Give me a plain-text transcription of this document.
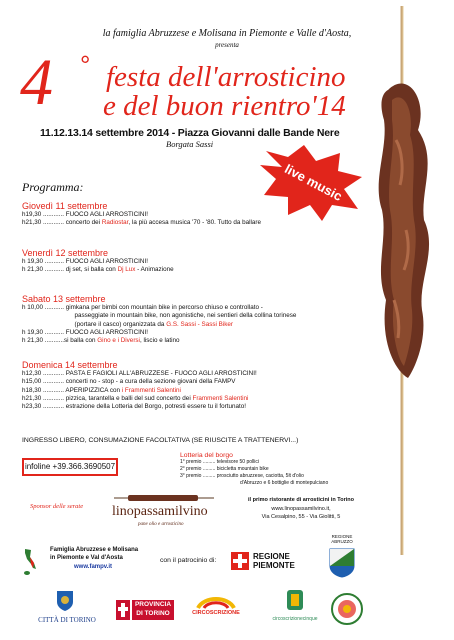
la famiglia Abruzzese e Molisana in Piemonte e Valle d'Aosta,
presenta
4 ° festa dell'arrosticino
e del buon rientro'14
11.12.13.14 settembre 2014 - Piazza Giovanni dalle Bande Nere
Borgata Sassi
live music
Programma:
Giovedì 11 settembre
h19,30 ............ FUOCO AGLI ARROSTICINI!
h21,30 ............ concerto dei Radiostar, la più accesa musica '70 - '80. Tutto da ballare
Venerdì 12 settembre
h 19,30 ........... FUOCO AGLI ARROSTICINI!
h 21,30 ........... dj set, si balla con Dj Lux - Animazione
Sabato 13 settembre
h 10,00 ........... gimkana per bimbi con mountain bike in percorso chiuso e controllato -
passeggiate in mountain bike, non agonistiche, nei sentieri della collina torinese
(portare il casco) organizzata da G.S. Sassi - Sassi Biker
h 19,30 ........... FUOCO AGLI ARROSTICINI!
h 21,30 ...........si balla con Gino e i Diversi, liscio e latino
Domenica 14 settembre
h12,30 ............ PASTA E FAGIOLI ALL'ABRUZZESE - FUOCO AGLI ARROSTICINI!
h15,00 ............ concerti no - stop - a cura della sezione giovani della FAMPV
h18,30 ............ APERIPIZZICA con i Frammenti Salentini
h21,30 ............ pizzica, tarantella e balli del sud concerto dei Frammenti Salentini
h23,30 ............ estrazione della Lotteria del Borgo, potresti essere tu il fortunato!
INGRESSO LIBERO, CONSUMAZIONE FACOLTATIVA (SE RIUSCITE A TRATTENERVI...)
infoline +39.366.3690507
Lotteria del borgo
1° premio ......... televisore 50 pollici
2° premio ......... bicicletta mountain bike
3° premio ......... prosciutto abruzzese, caciotta, 5lt d'olio
d'Abruzzo e 6 bottiglie di montepulciano
Sponsor delle serate linopassamilvino
pane olio e arrosticino
il primo ristorante di arrosticini in Torino
www.linopassamilvino.it,
Via Cesalpino, 55 - Via Giolitti, 5
Famiglia Abruzzese e Molisana
in Piemonte e Val d'Aosta
www.fampv.it
con il patrocinio di:	REGIONE PIEMONTE
REGIONE ABRUZZO
CITTÀ DI TORINO
PROVINCIA
DI TORINO	CIRCOSCRIZIONE
circoscrizionecinque
